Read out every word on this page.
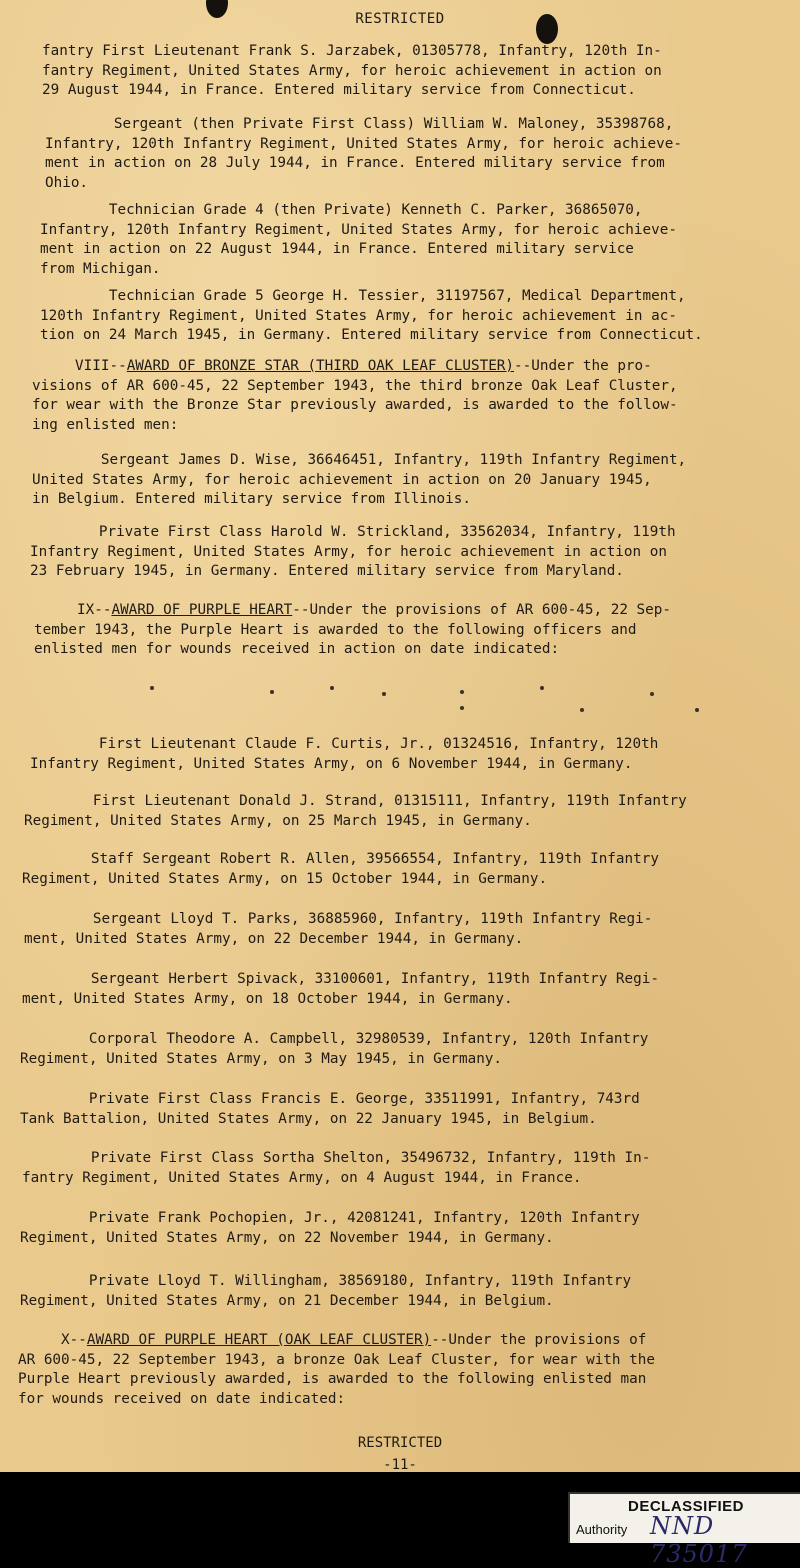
RESTRICTED
fantry First Lieutenant Frank S. Jarzabek, 01305778, Infantry, 120th In-
fantry Regiment, United States Army, for heroic achievement in action on
29 August 1944, in France. Entered military service from Connecticut.
Sergeant (then Private First Class) William W. Maloney, 35398768,
Infantry, 120th Infantry Regiment, United States Army, for heroic achieve-
ment in action on 28 July 1944, in France. Entered military service from
Ohio.
Technician Grade 4 (then Private) Kenneth C. Parker, 36865070,
Infantry, 120th Infantry Regiment, United States Army, for heroic achieve-
ment in action on 22 August 1944, in France. Entered military service
from Michigan.
Technician Grade 5 George H. Tessier, 31197567, Medical Department,
120th Infantry Regiment, United States Army, for heroic achievement in ac-
tion on 24 March 1945, in Germany. Entered military service from Connecticut.
VIII--AWARD OF BRONZE STAR (THIRD OAK LEAF CLUSTER)--Under the pro-
visions of AR 600-45, 22 September 1943, the third bronze Oak Leaf Cluster,
for wear with the Bronze Star previously awarded, is awarded to the follow-
ing enlisted men:
Sergeant James D. Wise, 36646451, Infantry, 119th Infantry Regiment,
United States Army, for heroic achievement in action on 20 January 1945,
in Belgium. Entered military service from Illinois.
Private First Class Harold W. Strickland, 33562034, Infantry, 119th
Infantry Regiment, United States Army, for heroic achievement in action on
23 February 1945, in Germany. Entered military service from Maryland.
IX--AWARD OF PURPLE HEART--Under the provisions of AR 600-45, 22 Sep-
tember 1943, the Purple Heart is awarded to the following officers and
enlisted men for wounds received in action on date indicated:
First Lieutenant Claude F. Curtis, Jr., 01324516, Infantry, 120th
Infantry Regiment, United States Army, on 6 November 1944, in Germany.
First Lieutenant Donald J. Strand, 01315111, Infantry, 119th Infantry
Regiment, United States Army, on 25 March 1945, in Germany.
Staff Sergeant Robert R. Allen, 39566554, Infantry, 119th Infantry
Regiment, United States Army, on 15 October 1944, in Germany.
Sergeant Lloyd T. Parks, 36885960, Infantry, 119th Infantry Regi-
ment, United States Army, on 22 December 1944, in Germany.
Sergeant Herbert Spivack, 33100601, Infantry, 119th Infantry Regi-
ment, United States Army, on 18 October 1944, in Germany.
Corporal Theodore A. Campbell, 32980539, Infantry, 120th Infantry
Regiment, United States Army, on 3 May 1945, in Germany.
Private First Class Francis E. George, 33511991, Infantry, 743rd
Tank Battalion, United States Army, on 22 January 1945, in Belgium.
Private First Class Sortha Shelton, 35496732, Infantry, 119th In-
fantry Regiment, United States Army, on 4 August 1944, in France.
Private Frank Pochopien, Jr., 42081241, Infantry, 120th Infantry
Regiment, United States Army, on 22 November 1944, in Germany.
Private Lloyd T. Willingham, 38569180, Infantry, 119th Infantry
Regiment, United States Army, on 21 December 1944, in Belgium.
X--AWARD OF PURPLE HEART (OAK LEAF CLUSTER)--Under the provisions of
AR 600-45, 22 September 1943, a bronze Oak Leaf Cluster, for wear with the
Purple Heart previously awarded, is awarded to the following enlisted man
for wounds received on date indicated:
RESTRICTED
-11-
DECLASSIFIED
Authority NND 735017
